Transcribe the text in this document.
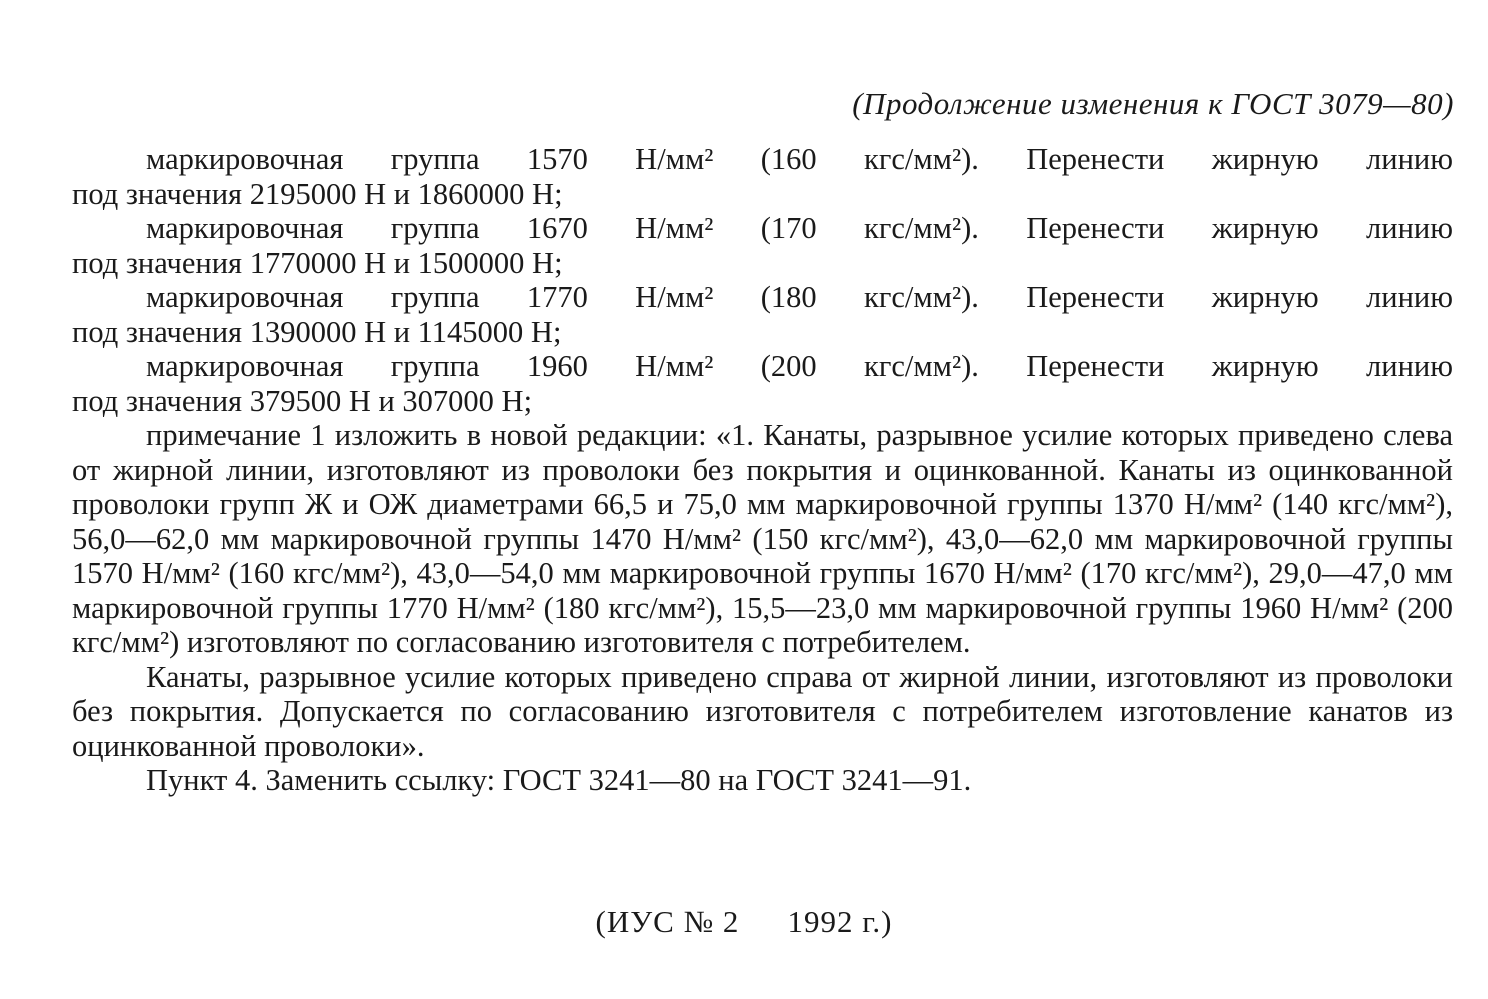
(Продолжение изменения к ГОСТ 3079—80)

маркировочная группа 1570 Н/мм² (160 кгс/мм²). Перенести жирную линию
под значения 2195000 Н и 1860000 Н;

маркировочная группа 1670 Н/мм² (170 кгс/мм²). Перенести жирную линию
под значения 1770000 Н и 1500000 Н;

маркировочная группа 1770 Н/мм² (180 кгс/мм²). Перенести жирную линию
под значения 1390000 Н и 1145000 Н;

маркировочная группа 1960 Н/мм² (200 кгс/мм²). Перенести жирную линию
под значения 379500 Н и 307000 Н;

примечание 1 изложить в новой редакции: «1. Канаты, разрывное усилие которых приведено слева от жирной линии, изготовляют из проволоки без покрытия и оцинкованной. Канаты из оцинкованной проволоки групп Ж и ОЖ диаметрами 66,5 и 75,0 мм маркировочной группы 1370 Н/мм² (140 кгс/мм²), 56,0—62,0 мм маркировочной группы 1470 Н/мм² (150 кгс/мм²), 43,0—62,0 мм маркировочной группы 1570 Н/мм² (160 кгс/мм²), 43,0—54,0 мм маркировочной группы 1670 Н/мм² (170 кгс/мм²), 29,0—47,0 мм маркировочной группы 1770 Н/мм² (180 кгс/мм²), 15,5—23,0 мм маркировочной группы 1960 Н/мм² (200 кгс/мм²) изготовляют по согласованию изготовителя с потребителем.

Канаты, разрывное усилие которых приведено справа от жирной линии, изготовляют из проволоки без покрытия. Допускается по согласованию изготовителя с потребителем изготовление канатов из оцинкованной проволоки».

Пункт 4. Заменить ссылку: ГОСТ 3241—80 на ГОСТ 3241—91.

(ИУС № 2 1992 г.)
